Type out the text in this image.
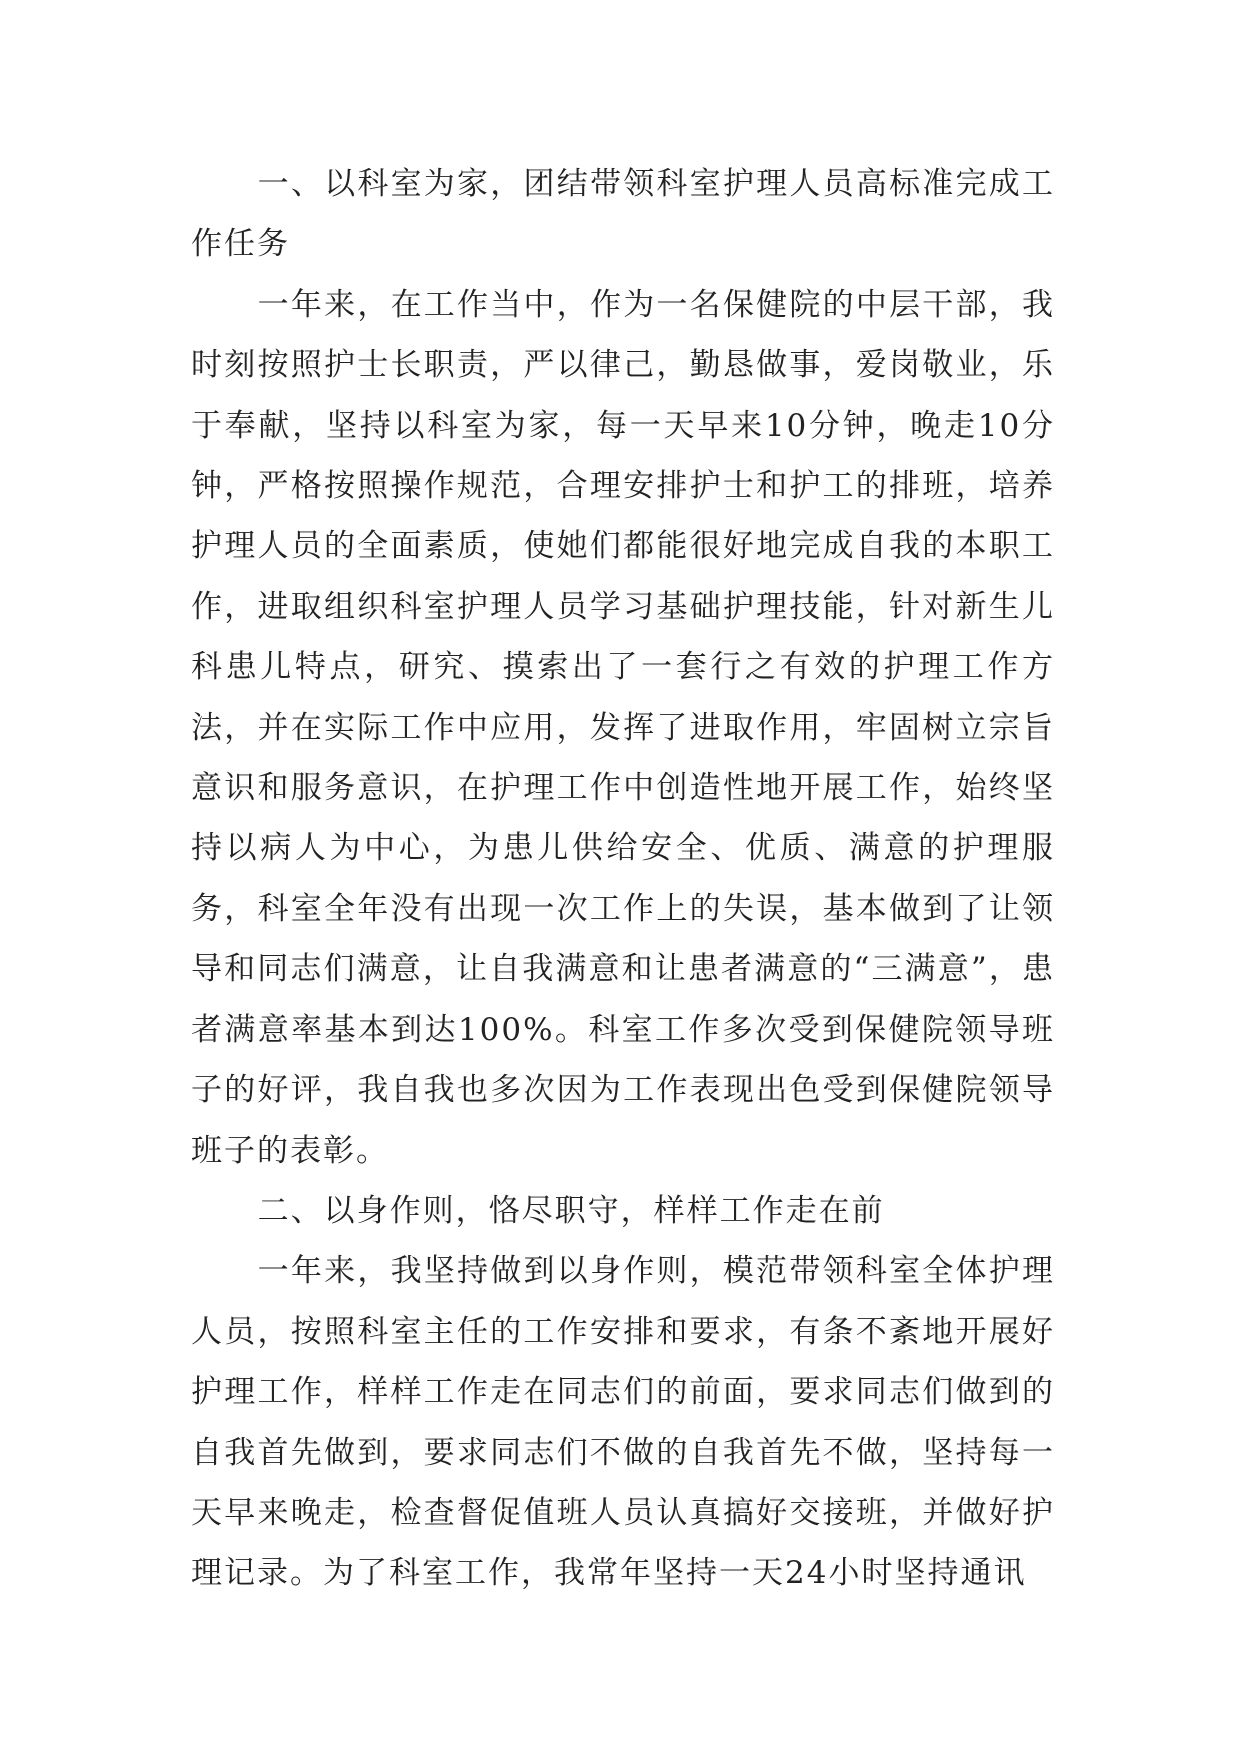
一、以科室为家，团结带领科室护理人员高标准完成工作任务

一年来，在工作当中，作为一名保健院的中层干部，我时刻按照护士长职责，严以律己，勤恳做事，爱岗敬业，乐于奉献，坚持以科室为家，每一天早来10分钟，晚走10分钟，严格按照操作规范，合理安排护士和护工的排班，培养护理人员的全面素质，使她们都能很好地完成自我的本职工作，进取组织科室护理人员学习基础护理技能，针对新生儿科患儿特点，研究、摸索出了一套行之有效的护理工作方法，并在实际工作中应用，发挥了进取作用，牢固树立宗旨意识和服务意识，在护理工作中创造性地开展工作，始终坚持以病人为中心，为患儿供给安全、优质、满意的护理服务，科室全年没有出现一次工作上的失误，基本做到了让领导和同志们满意，让自我满意和让患者满意的“三满意”，患者满意率基本到达100%。科室工作多次受到保健院领导班子的好评，我自我也多次因为工作表现出色受到保健院领导班子的表彰。

二、以身作则，恪尽职守，样样工作走在前

一年来，我坚持做到以身作则，模范带领科室全体护理人员，按照科室主任的工作安排和要求，有条不紊地开展好护理工作，样样工作走在同志们的前面，要求同志们做到的自我首先做到，要求同志们不做的自我首先不做，坚持每一天早来晚走，检查督促值班人员认真搞好交接班，并做好护理记录。为了科室工作，我常年坚持一天24小时坚持通讯
